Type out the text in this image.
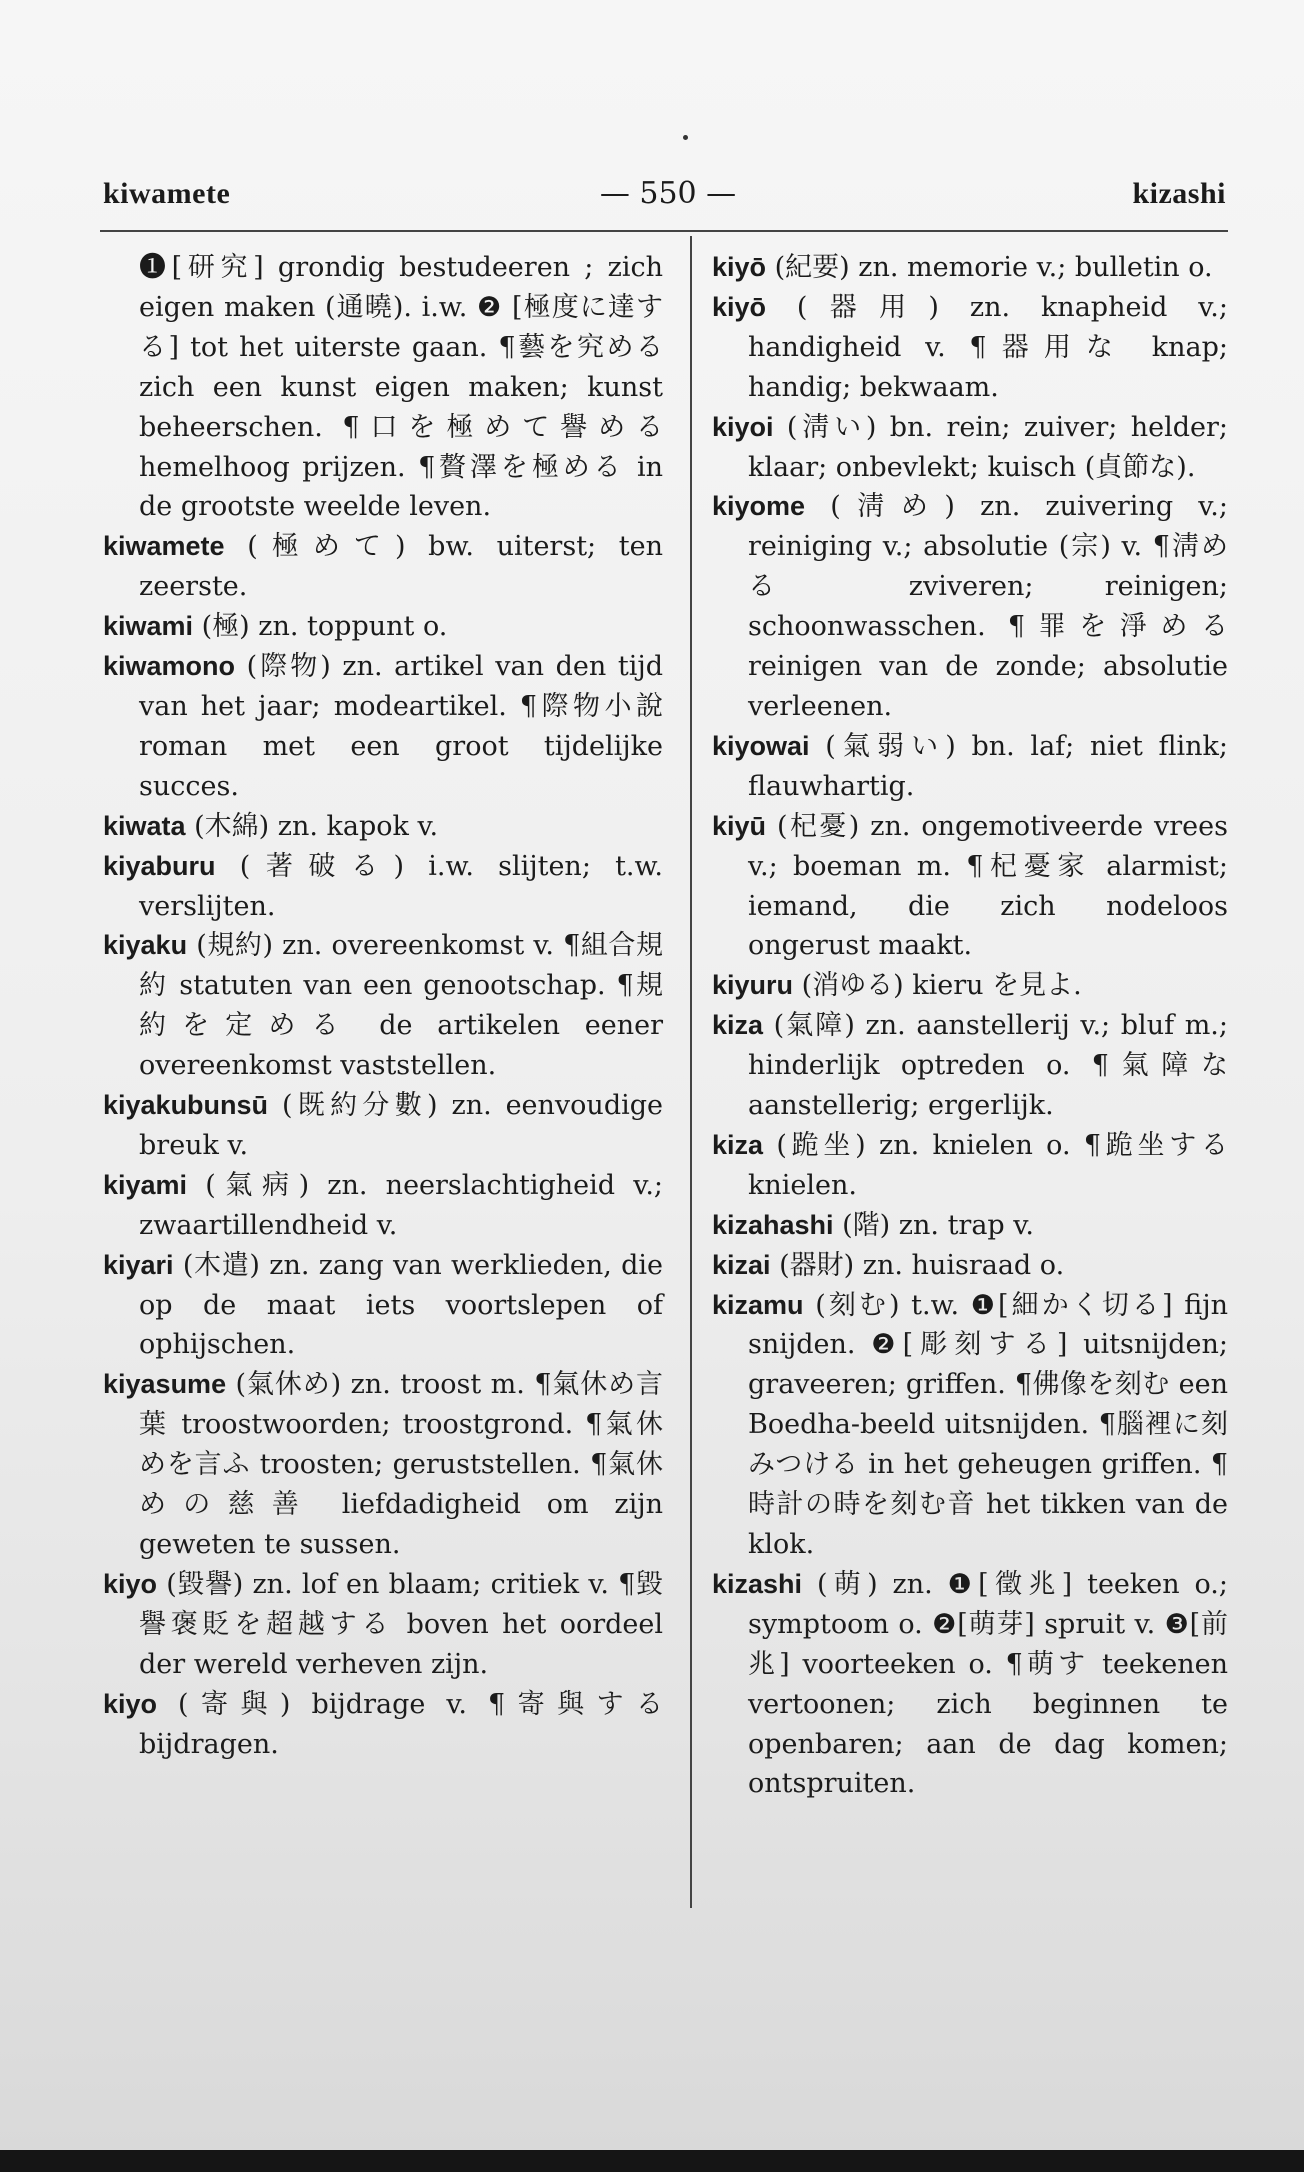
kiwamete	— 550 —	kizashi

❶[研究] grondig bestudeeren ; zich eigen maken (通曉). i.w. ❷ [極度に達する] tot het uiterste gaan. ¶藝を究める zich een kunst eigen maken; kunst beheerschen. ¶口を極めて譽める hemelhoog prijzen. ¶贅澤を極める in de grootste weelde leven.

kiwamete (極めて) bw. uiterst; ten zeerste.

kiwami (極) zn. toppunt o.

kiwamono (際物) zn. artikel van den tijd van het jaar; modeartikel. ¶際物小說 roman met een groot tijdelijke succes.

kiwata (木綿) zn. kapok v.

kiyaburu (著破る) i.w. slijten; t.w. verslijten.

kiyaku (規約) zn. overeenkomst v. ¶組合規約 statuten van een genootschap. ¶規約を定める de artikelen eener overeenkomst vaststellen.

kiyakubunsū (既約分數) zn. eenvoudige breuk v.

kiyami (氣病) zn. neerslachtigheid v.; zwaartillendheid v.

kiyari (木遣) zn. zang van werklieden, die op de maat iets voortslepen of ophijschen.

kiyasume (氣休め) zn. troost m. ¶氣休め言葉 troostwoorden; troostgrond. ¶氣休めを言ふ troosten; geruststellen. ¶氣休めの慈善 liefdadigheid om zijn geweten te sussen.

kiyo (毀譽) zn. lof en blaam; critiek v. ¶毀譽褒貶を超越する boven het oordeel der wereld verheven zijn.

kiyo (寄與) bijdrage v. ¶寄與する bijdragen.

kiyō (紀要) zn. memorie v.; bulletin o.

kiyō (器用) zn. knapheid v.; handigheid v. ¶器用な knap; handig; bekwaam.

kiyoi (淸い) bn. rein; zuiver; helder; klaar; onbevlekt; kuisch (貞節な).

kiyome (淸め) zn. zuivering v.; reiniging v.; absolutie (宗) v. ¶淸める zviveren; reinigen; schoonwasschen. ¶罪を淨める reinigen van de zonde; absolutie verleenen.

kiyowai (氣弱い) bn. laf; niet flink; flauwhartig.

kiyū (杞憂) zn. ongemotiveerde vrees v.; boeman m. ¶杞憂家 alarmist; iemand, die zich nodeloos ongerust maakt.

kiyuru (消ゆる) kieru を見よ.

kiza (氣障) zn. aanstellerij v.; bluf m.; hinderlijk optreden o. ¶氣障な aanstellerig; ergerlijk.

kiza (跪坐) zn. knielen o. ¶跪坐する knielen.

kizahashi (階) zn. trap v.

kizai (器財) zn. huisraad o.

kizamu (刻む) t.w. ❶[細かく切る] fijn snijden. ❷[彫刻する] uitsnijden; graveeren; griffen. ¶佛像を刻む een Boedha-beeld uitsnijden. ¶腦裡に刻みつける in het geheugen griffen. ¶時計の時を刻む音 het tikken van de klok.

kizashi (萌) zn. ❶[徵兆] teeken o.; symptoom o. ❷[萌芽] spruit v. ❸[前兆] voorteeken o. ¶萌す teekenen vertoonen; zich beginnen te openbaren; aan de dag komen; ontspruiten.
